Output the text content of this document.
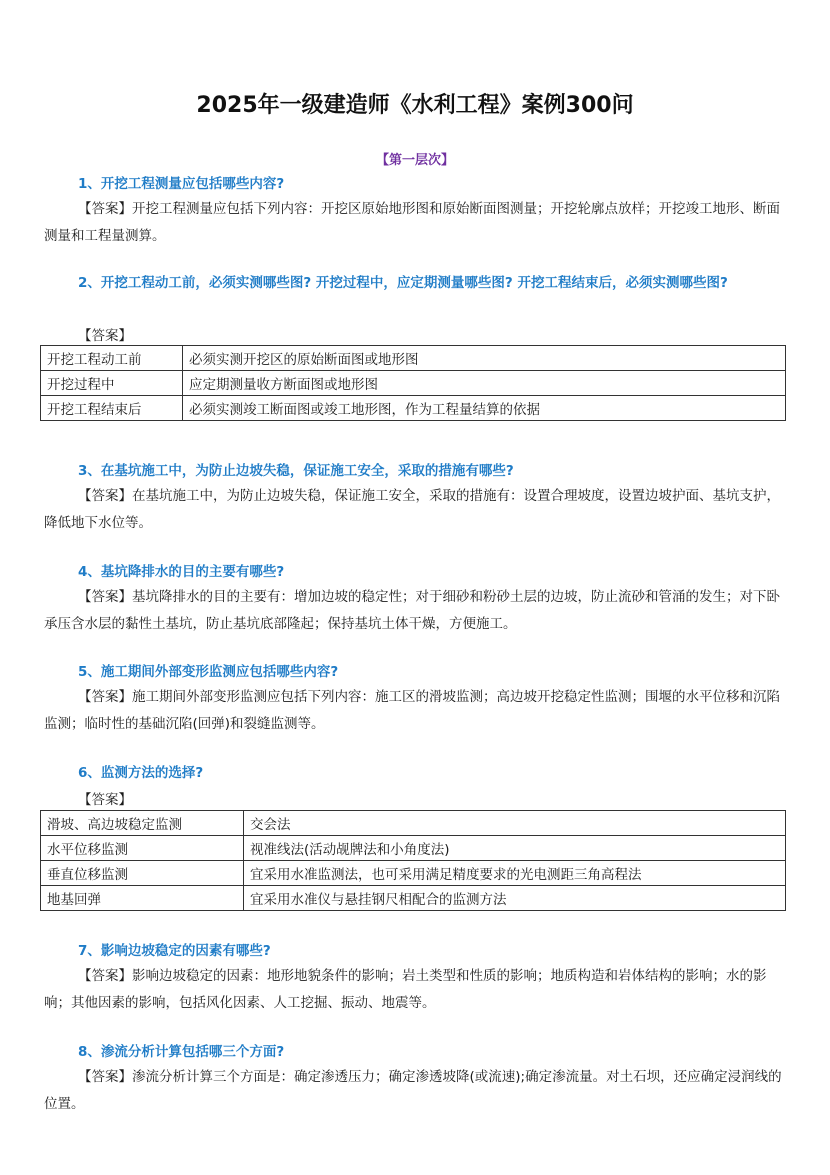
2025年一级建造师《水利工程》案例300问
【第一层次】
1、开挖工程测量应包括哪些内容?
【答案】开挖工程测量应包括下列内容：开挖区原始地形图和原始断面图测量；开挖轮廓点放样；开挖竣工地形、断面测量和工程量测算。
2、开挖工程动工前，必须实测哪些图? 开挖过程中，应定期测量哪些图? 开挖工程结束后，必须实测哪些图?
【答案】
开挖工程动工前	必须实测开挖区的原始断面图或地形图
开挖过程中	应定期测量收方断面图或地形图
开挖工程结束后	必须实测竣工断面图或竣工地形图，作为工程量结算的依据
3、在基坑施工中，为防止边坡失稳，保证施工安全，采取的措施有哪些?
【答案】在基坑施工中，为防止边坡失稳，保证施工安全，采取的措施有：设置合理坡度，设置边坡护面、基坑支护，降低地下水位等。
4、基坑降排水的目的主要有哪些?
【答案】基坑降排水的目的主要有：增加边坡的稳定性；对于细砂和粉砂土层的边坡，防止流砂和管涌的发生；对下卧承压含水层的黏性土基坑，防止基坑底部隆起；保持基坑土体干燥，方便施工。
5、施工期间外部变形监测应包括哪些内容?
【答案】施工期间外部变形监测应包括下列内容：施工区的滑坡监测；高边坡开挖稳定性监测；围堰的水平位移和沉陷监测；临时性的基础沉陷(回弹)和裂缝监测等。
6、监测方法的选择?
【答案】
滑坡、高边坡稳定监测	交会法
水平位移监测	视准线法(活动觇牌法和小角度法)
垂直位移监测	宜采用水准监测法，也可采用满足精度要求的光电测距三角高程法
地基回弹	宜采用水准仪与悬挂钢尺相配合的监测方法
7、影响边坡稳定的因素有哪些?
【答案】影响边坡稳定的因素：地形地貌条件的影响；岩土类型和性质的影响；地质构造和岩体结构的影响；水的影响；其他因素的影响，包括风化因素、人工挖掘、振动、地震等。
8、渗流分析计算包括哪三个方面?
【答案】渗流分析计算三个方面是：确定渗透压力；确定渗透坡降(或流速);确定渗流量。对土石坝，还应确定浸润线的位置。
